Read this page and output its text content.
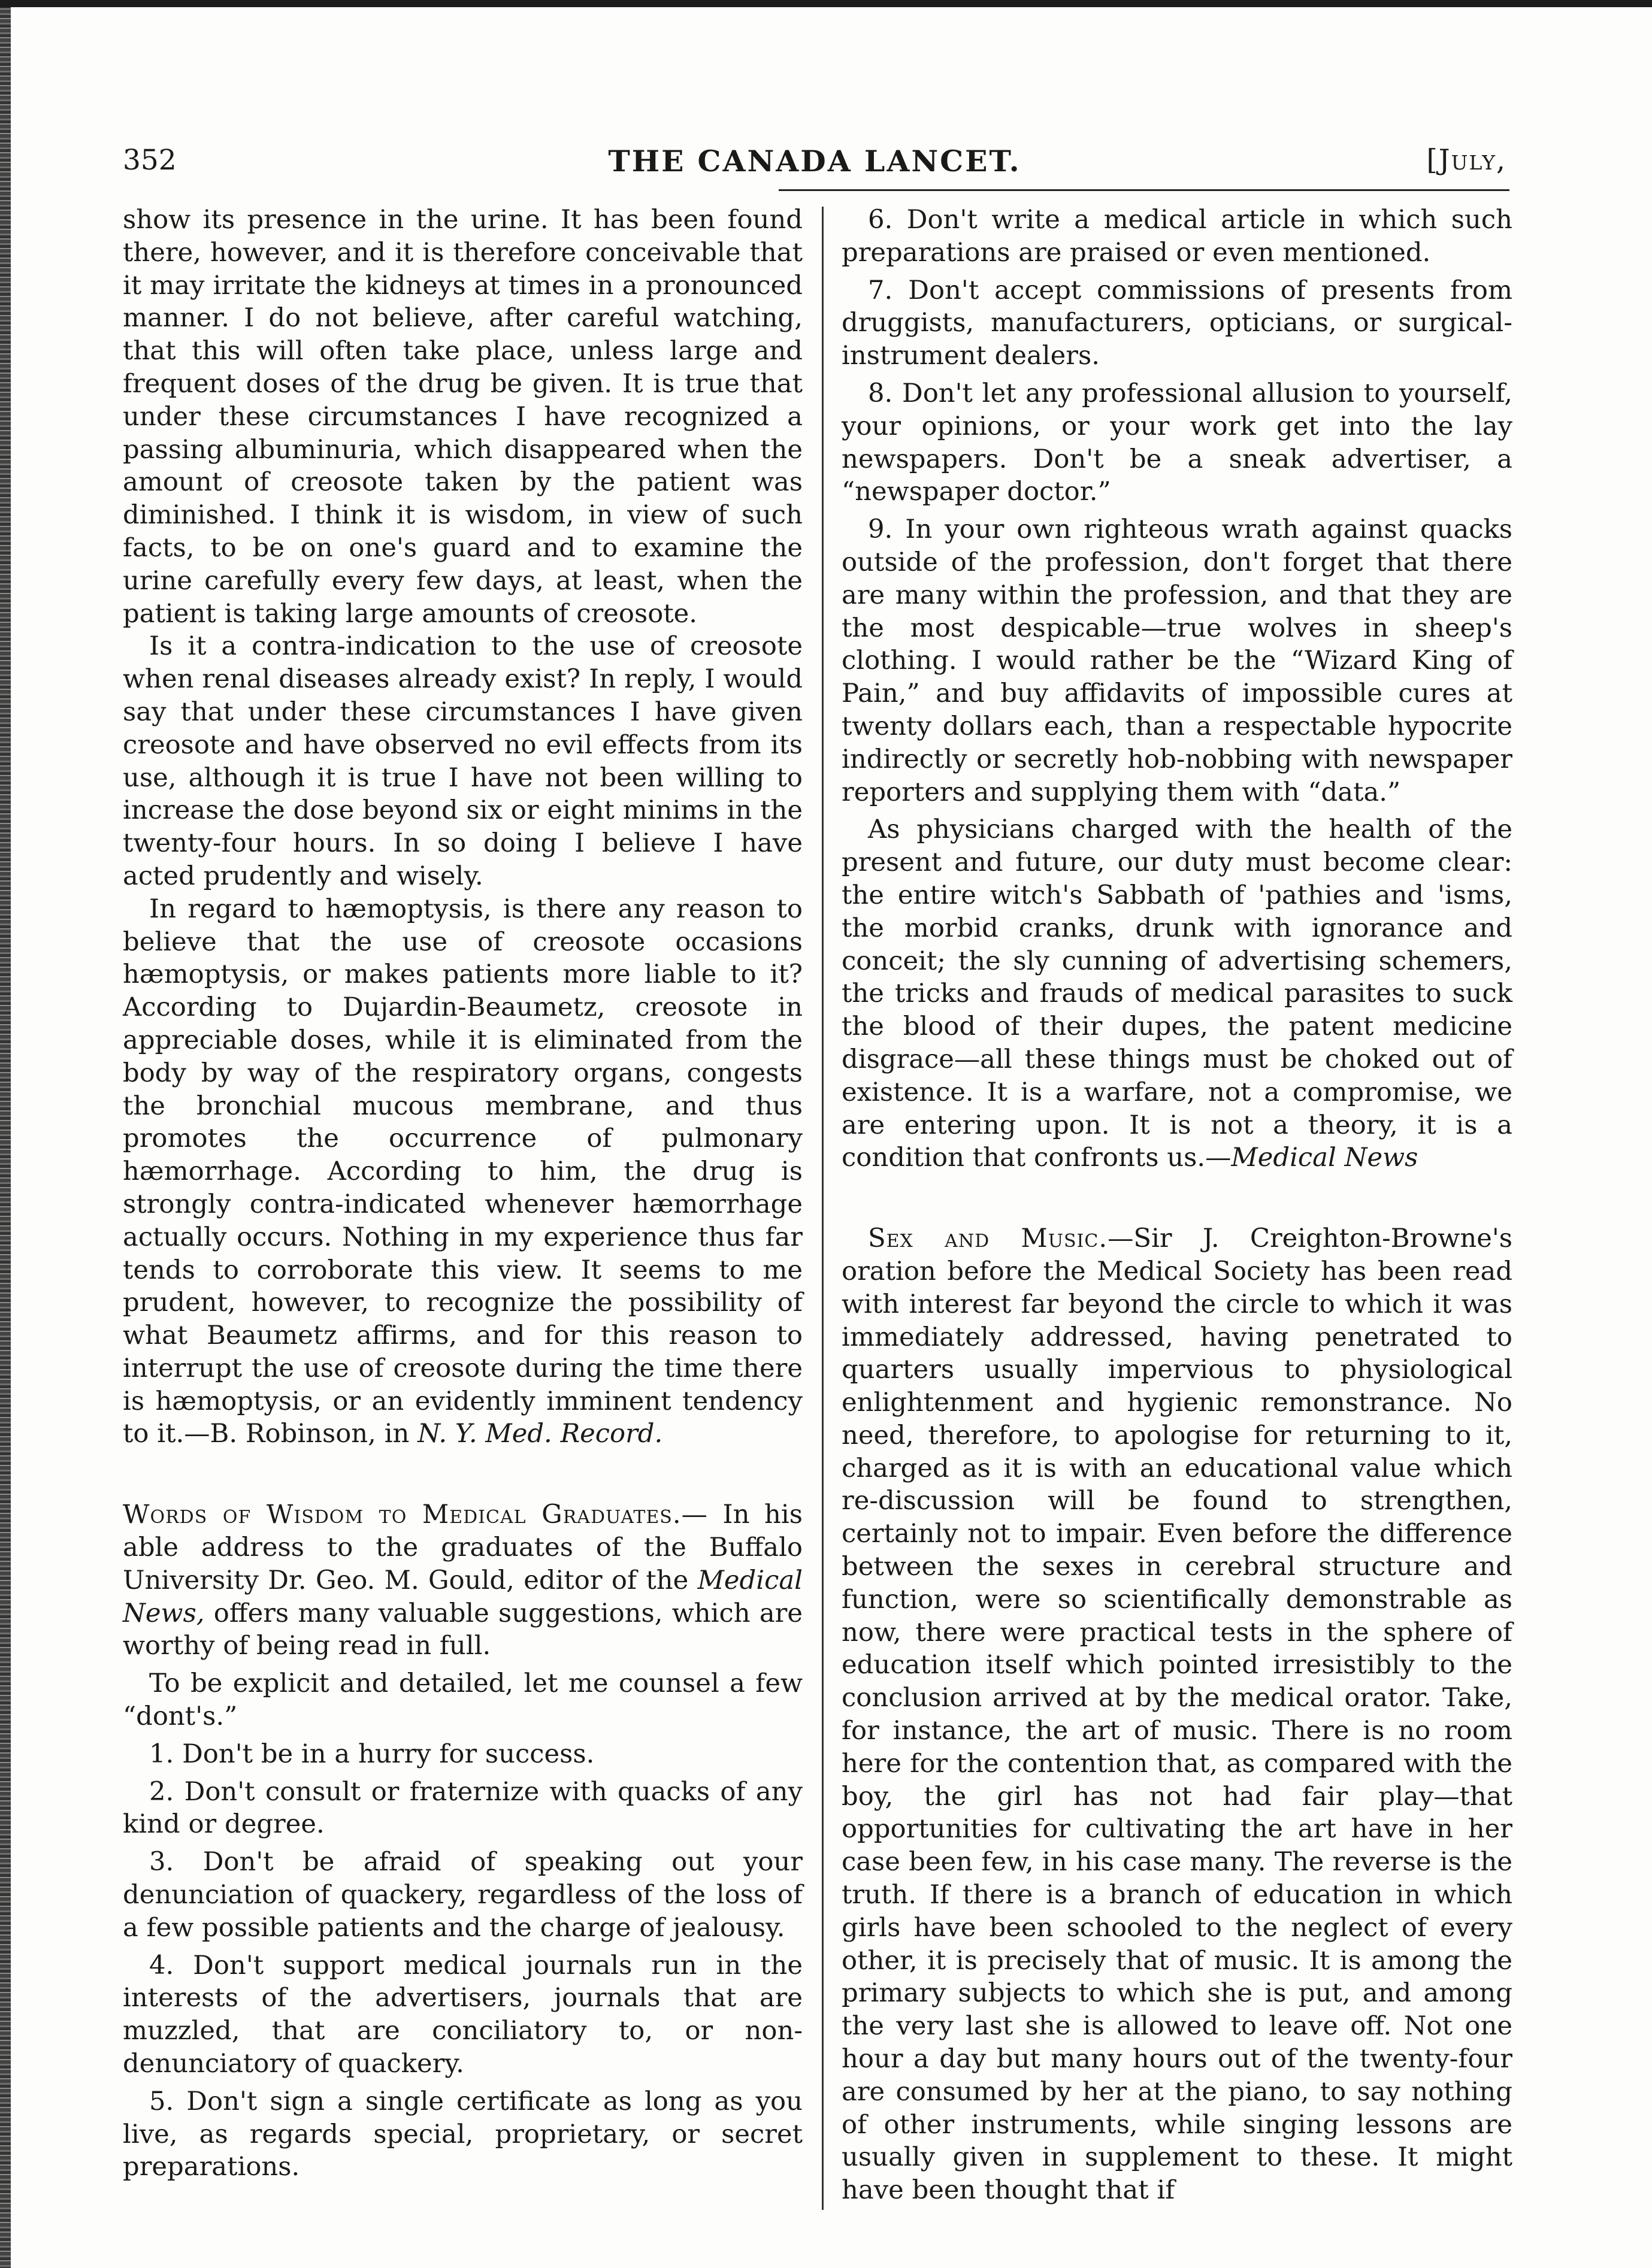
352	THE CANADA LANCET.	[July,

show its presence in the urine. It has been found there, however, and it is therefore conceivable that it may irritate the kidneys at times in a pronounced manner. I do not believe, after careful watching, that this will often take place, unless large and frequent doses of the drug be given. It is true that under these circumstances I have recognized a passing albuminuria, which disappeared when the amount of creosote taken by the patient was diminished. I think it is wisdom, in view of such facts, to be on one's guard and to examine the urine carefully every few days, at least, when the patient is taking large amounts of creosote.

Is it a contra-indication to the use of creosote when renal diseases already exist? In reply, I would say that under these circumstances I have given creosote and have observed no evil effects from its use, although it is true I have not been willing to increase the dose beyond six or eight minims in the twenty-four hours. In so doing I believe I have acted prudently and wisely.

In regard to hæmoptysis, is there any reason to believe that the use of creosote occasions hæmoptysis, or makes patients more liable to it? According to Dujardin-Beaumetz, creosote in appreciable doses, while it is eliminated from the body by way of the respiratory organs, congests the bronchial mucous membrane, and thus promotes the occurrence of pulmonary hæmorrhage. According to him, the drug is strongly contra-indicated whenever hæmorrhage actually occurs. Nothing in my experience thus far tends to corroborate this view. It seems to me prudent, however, to recognize the possibility of what Beaumetz affirms, and for this reason to interrupt the use of creosote during the time there is hæmoptysis, or an evidently imminent tendency to it.—B. Robinson, in N. Y. Med. Record.

Words of Wisdom to Medical Graduates.— In his able address to the graduates of the Buffalo University Dr. Geo. M. Gould, editor of the Medical News, offers many valuable suggestions, which are worthy of being read in full.

To be explicit and detailed, let me counsel a few “dont's.”

1. Don't be in a hurry for success.

2. Don't consult or fraternize with quacks of any kind or degree.

3. Don't be afraid of speaking out your denunciation of quackery, regardless of the loss of a few possible patients and the charge of jealousy.

4. Don't support medical journals run in the interests of the advertisers, journals that are muzzled, that are conciliatory to, or non-denunciatory of quackery.

5. Don't sign a single certificate as long as you live, as regards special, proprietary, or secret preparations.

6. Don't write a medical article in which such preparations are praised or even mentioned.

7. Don't accept commissions of presents from druggists, manufacturers, opticians, or surgical-instrument dealers.

8. Don't let any professional allusion to yourself, your opinions, or your work get into the lay newspapers. Don't be a sneak advertiser, a “newspaper doctor.”

9. In your own righteous wrath against quacks outside of the profession, don't forget that there are many within the profession, and that they are the most despicable—true wolves in sheep's clothing. I would rather be the “Wizard King of Pain,” and buy affidavits of impossible cures at twenty dollars each, than a respectable hypocrite indirectly or secretly hob-nobbing with newspaper reporters and supplying them with “data.”

As physicians charged with the health of the present and future, our duty must become clear: the entire witch's Sabbath of 'pathies and 'isms, the morbid cranks, drunk with ignorance and conceit; the sly cunning of advertising schemers, the tricks and frauds of medical parasites to suck the blood of their dupes, the patent medicine disgrace—all these things must be choked out of existence. It is a warfare, not a compromise, we are entering upon. It is not a theory, it is a condition that confronts us.—Medical News

Sex and Music.—Sir J. Creighton-Browne's oration before the Medical Society has been read with interest far beyond the circle to which it was immediately addressed, having penetrated to quarters usually impervious to physiological enlightenment and hygienic remonstrance. No need, therefore, to apologise for returning to it, charged as it is with an educational value which re-discussion will be found to strengthen, certainly not to impair. Even before the difference between the sexes in cerebral structure and function, were so scientifically demonstrable as now, there were practical tests in the sphere of education itself which pointed irresistibly to the conclusion arrived at by the medical orator. Take, for instance, the art of music. There is no room here for the contention that, as compared with the boy, the girl has not had fair play—that opportunities for cultivating the art have in her case been few, in his case many. The reverse is the truth. If there is a branch of education in which girls have been schooled to the neglect of every other, it is precisely that of music. It is among the primary subjects to which she is put, and among the very last she is allowed to leave off. Not one hour a day but many hours out of the twenty-four are consumed by her at the piano, to say nothing of other instruments, while singing lessons are usually given in supplement to these. It might have been thought that if
